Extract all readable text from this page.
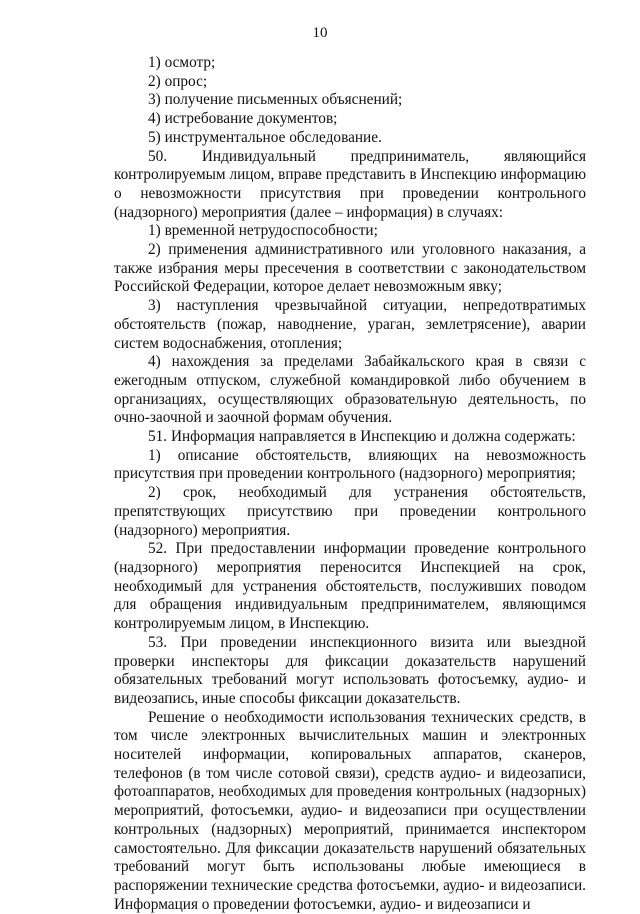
10

1) осмотр;

2) опрос;

3) получение письменных объяснений;

4) истребование документов;

5) инструментальное обследование.

50. Индивидуальный предприниматель, являющийся контролируемым лицом, вправе представить в Инспекцию информацию о невозможности присутствия при проведении контрольного (надзорного) мероприятия (далее – информация) в случаях:

1) временной нетрудоспособности;

2) применения административного или уголовного наказания, а также избрания меры пресечения в соответствии с законодательством Российской Федерации, которое делает невозможным явку;

3) наступления чрезвычайной ситуации, непредотвратимых обстоятельств (пожар, наводнение, ураган, землетрясение), аварии систем водоснабжения, отопления;

4) нахождения за пределами Забайкальского края в связи с ежегодным отпуском, служебной командировкой либо обучением в организациях, осуществляющих образовательную деятельность, по очно-заочной и заочной формам обучения.

51. Информация направляется в Инспекцию и должна содержать:

1) описание обстоятельств, влияющих на невозможность присутствия при проведении контрольного (надзорного) мероприятия;

2) срок, необходимый для устранения обстоятельств, препятствующих присутствию при проведении контрольного (надзорного) мероприятия.

52. При предоставлении информации проведение контрольного (надзорного) мероприятия переносится Инспекцией на срок, необходимый для устранения обстоятельств, послуживших поводом для обращения индивидуальным предпринимателем, являющимся контролируемым лицом, в Инспекцию.

53. При проведении инспекционного визита или выездной проверки инспекторы для фиксации доказательств нарушений обязательных требований могут использовать фотосъемку, аудио- и видеозапись, иные способы фиксации доказательств.

Решение о необходимости использования технических средств, в том числе электронных вычислительных машин и электронных носителей информации, копировальных аппаратов, сканеров, телефонов (в том числе сотовой связи), средств аудио- и видеозаписи, фотоаппаратов, необходимых для проведения контрольных (надзорных) мероприятий, фотосъемки, аудио- и видеозаписи при осуществлении контрольных (надзорных) мероприятий, принимается инспектором самостоятельно. Для фиксации доказательств нарушений обязательных требований могут быть использованы любые имеющиеся в распоряжении технические средства фотосъемки, аудио- и видеозаписи. Информация о проведении фотосъемки, аудио- и видеозаписи и
